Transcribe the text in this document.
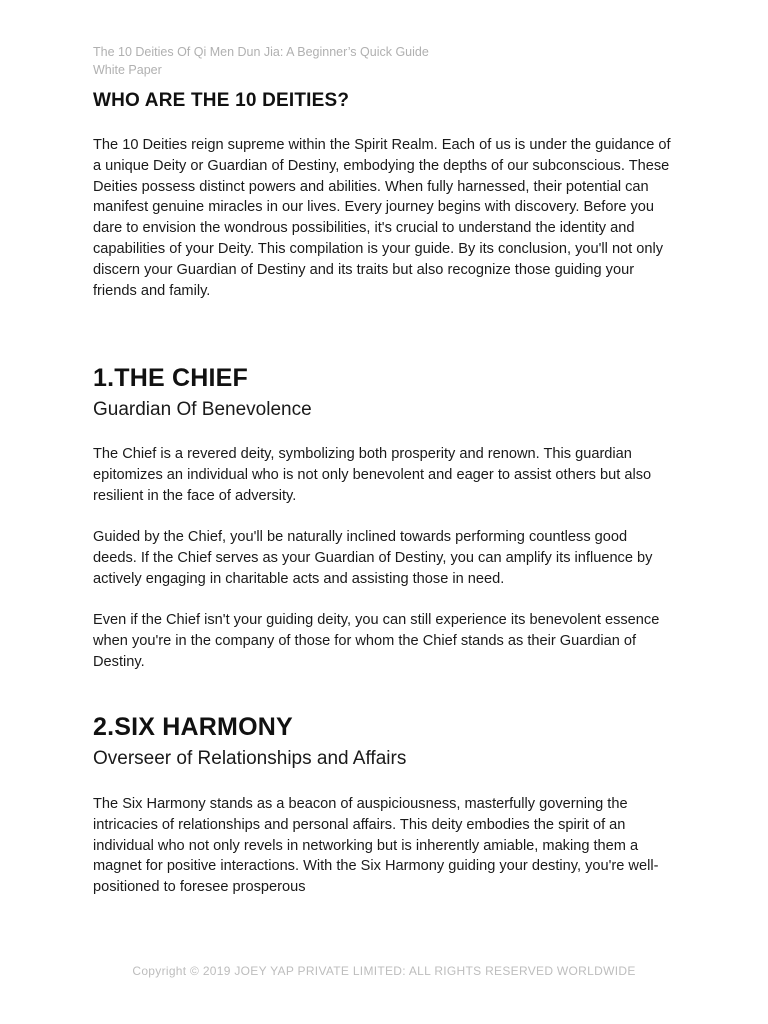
The 10 Deities Of Qi Men Dun Jia: A Beginner’s Quick Guide
White Paper
WHO ARE THE 10 DEITIES?

The 10 Deities reign supreme within the Spirit Realm. Each of us is under the guidance of a unique Deity or Guardian of Destiny, embodying the depths of our subconscious. These Deities possess distinct powers and abilities. When fully harnessed, their potential can manifest genuine miracles in our lives. Every journey begins with discovery. Before you dare to envision the wondrous possibilities, it's crucial to understand the identity and capabilities of your Deity. This compilation is your guide. By its conclusion, you'll not only discern your Guardian of Destiny and its traits but also recognize those guiding your friends and family.

1.THE CHIEF
Guardian Of Benevolence

The Chief is a revered deity, symbolizing both prosperity and renown. This guardian epitomizes an individual who is not only benevolent and eager to assist others but also resilient in the face of adversity.

Guided by the Chief, you'll be naturally inclined towards performing countless good deeds. If the Chief serves as your Guardian of Destiny, you can amplify its influence by actively engaging in charitable acts and assisting those in need.

Even if the Chief isn't your guiding deity, you can still experience its benevolent essence when you're in the company of those for whom the Chief stands as their Guardian of Destiny.

2.SIX HARMONY
Overseer of Relationships and Affairs

The Six Harmony stands as a beacon of auspiciousness, masterfully governing the intricacies of relationships and personal affairs. This deity embodies the spirit of an individual who not only revels in networking but is inherently amiable, making them a magnet for positive interactions. With the Six Harmony guiding your destiny, you're well-positioned to foresee prosperous

Copyright © 2019 JOEY YAP PRIVATE LIMITED: ALL RIGHTS RESERVED WORLDWIDE
